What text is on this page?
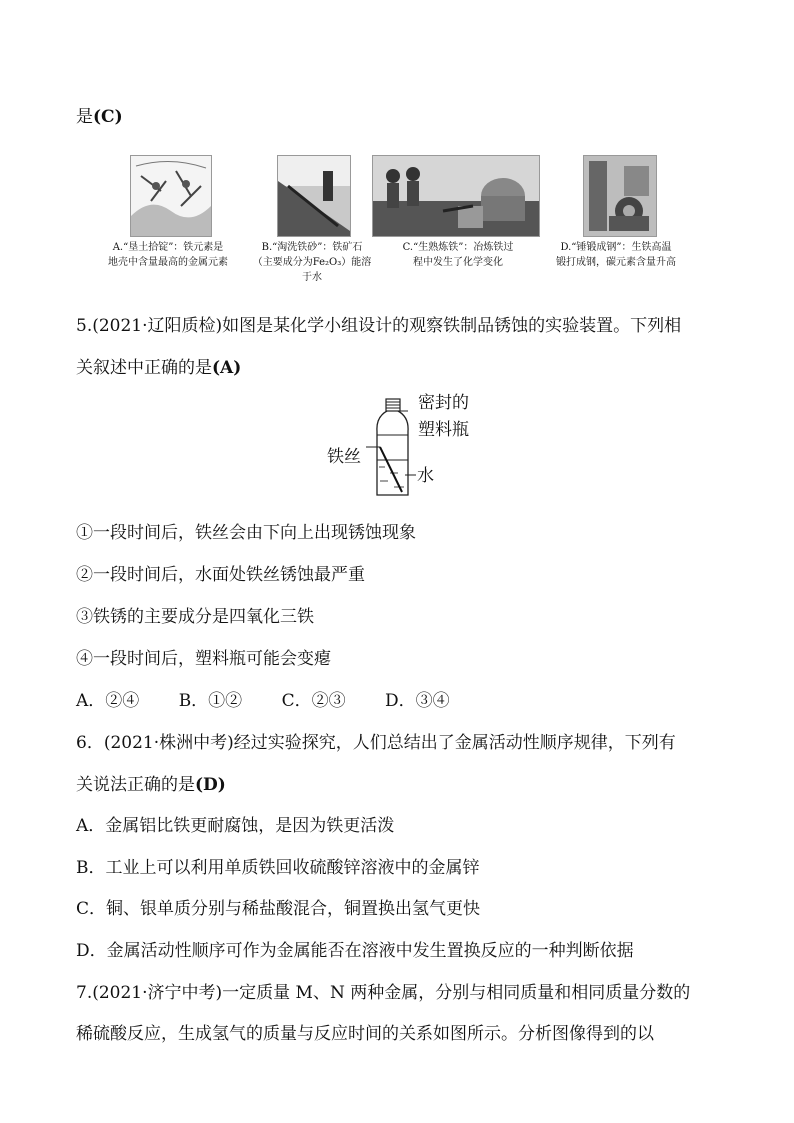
是(C)
A.“垦土拾锭”：铁元素是地壳中含量最高的金属元素
B.“淘洗铁砂”：铁矿石（主要成分为Fe₂O₃）能溶于水
C.“生熟炼铁”：冶炼铁过程中发生了化学变化
D.“锤锻成钢”：生铁高温锻打成钢，碳元素含量升高
5.(2021·辽阳质检)如图是某化学小组设计的观察铁制品锈蚀的实验装置。下列相
关叙述中正确的是(A)
密封的
塑料瓶
铁丝
水
①一段时间后，铁丝会由下向上出现锈蚀现象
②一段时间后，水面处铁丝锈蚀最严重
③铁锈的主要成分是四氧化三铁
④一段时间后，塑料瓶可能会变瘪
A．②④ B．①② C．②③ D．③④
6．(2021·株洲中考)经过实验探究，人们总结出了金属活动性顺序规律，下列有
关说法正确的是(D)
A．金属铝比铁更耐腐蚀，是因为铁更活泼
B．工业上可以利用单质铁回收硫酸锌溶液中的金属锌
C．铜、银单质分别与稀盐酸混合，铜置换出氢气更快
D．金属活动性顺序可作为金属能否在溶液中发生置换反应的一种判断依据
7.(2021·济宁中考)一定质量 M、N 两种金属，分别与相同质量和相同质量分数的
稀硫酸反应，生成氢气的质量与反应时间的关系如图所示。分析图像得到的以
